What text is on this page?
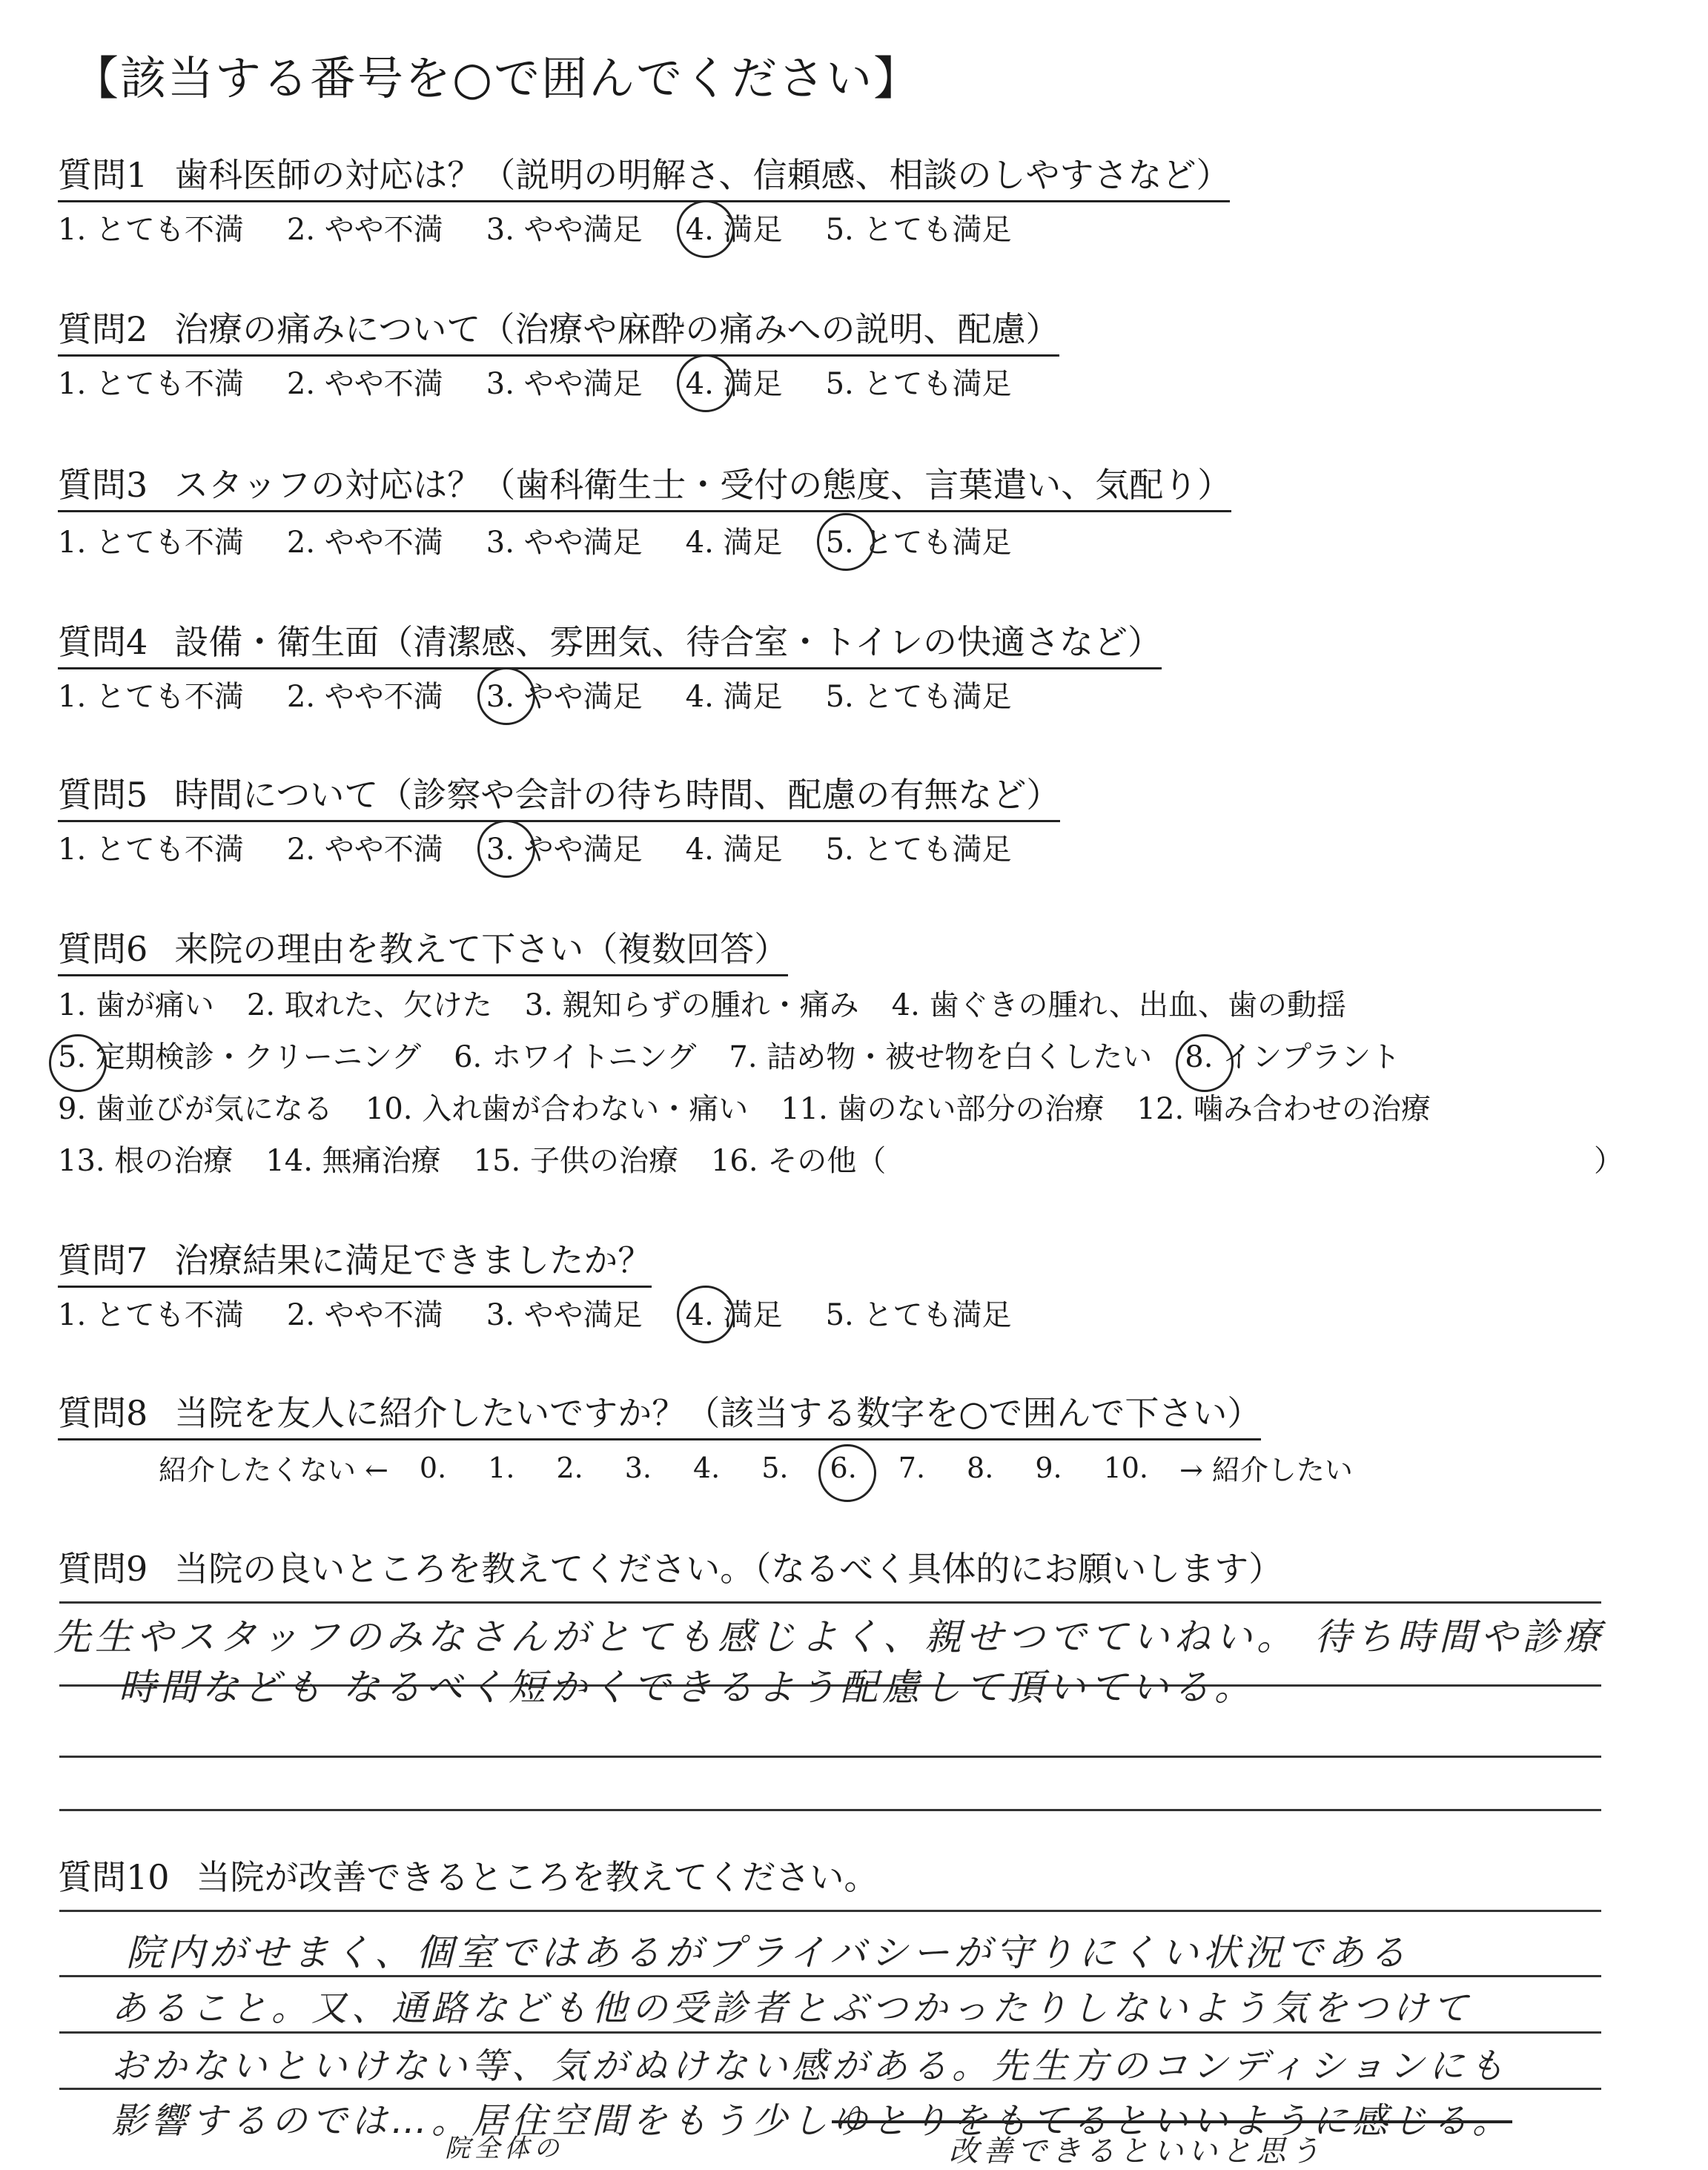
【該当する番号を○で囲んでください】
質問1 歯科医師の対応は？（説明の明解さ、信頼感、相談のしやすさなど）
1. とても不満 2. やや不満 3. やや満足 4. 満足 5. とても満足
質問2 治療の痛みについて（治療や麻酔の痛みへの説明、配慮）
1. とても不満 2. やや不満 3. やや満足 4. 満足 5. とても満足
質問3 スタッフの対応は？（歯科衛生士・受付の態度、言葉遣い、気配り）
1. とても不満 2. やや不満 3. やや満足 4. 満足 5. とても満足
質問4 設備・衛生面（清潔感、雰囲気、待合室・トイレの快適さなど）
1. とても不満 2. やや不満 3. やや満足 4. 満足 5. とても満足
質問5 時間について（診察や会計の待ち時間、配慮の有無など）
1. とても不満 2. やや不満 3. やや満足 4. 満足 5. とても満足
質問6 来院の理由を教えて下さい（複数回答）
1. 歯が痛い 2. 取れた、欠けた 3. 親知らずの腫れ・痛み 4. 歯ぐきの腫れ、出血、歯の動揺
5. 定期検診・クリーニング 6. ホワイトニング 7. 詰め物・被せ物を白くしたい 8. インプラント
9. 歯並びが気になる 10. 入れ歯が合わない・痛い 11. 歯のない部分の治療 12. 噛み合わせの治療
13. 根の治療 14. 無痛治療 15. 子供の治療 16. その他（	）
質問7 治療結果に満足できましたか？
1. とても不満 2. やや不満 3. やや満足 4. 満足 5. とても満足
質問8 当院を友人に紹介したいですか？（該当する数字を○で囲んで下さい）
紹介したくない ← 0. 1. 2. 3. 4. 5. 6. 7. 8. 9. 10. → 紹介したい
質問9 当院の良いところを教えてください。（なるべく具体的にお願いします）
先生やスタッフのみなさんがとても感じよく、親せつでていねい。 待ち時間や診療
時間なども なるべく短かくできるよう配慮して頂いている。
質問10 当院が改善できるところを教えてください。
院内がせまく、個室ではあるがプライバシーが守りにくい状況である
あること。又、通路なども他の受診者とぶつかったりしないよう気をつけて
おかないといけない等、気がぬけない感がある。先生方のコンディションにも
影響するのでは…。居住空間をもう少しゆとりをもてるといいように感じる。
院全体の	改善できるといいと思う
